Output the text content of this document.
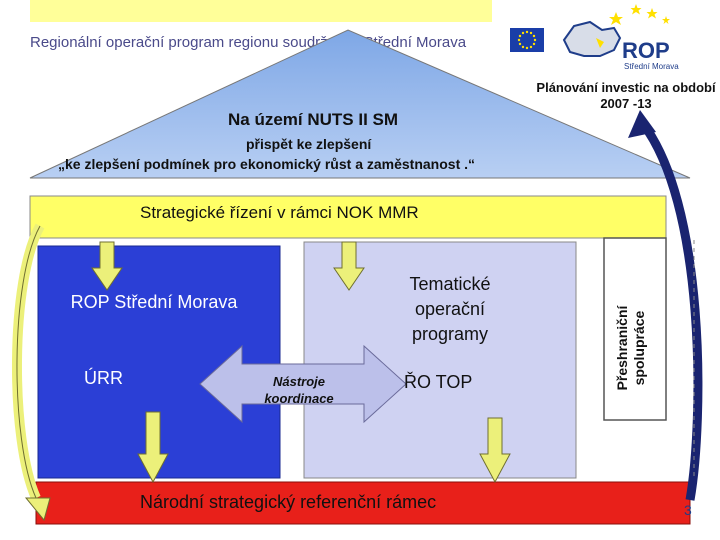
Regionální operační program regionu soudržnosti Střední Morava	ROP
Střední Morava
Na území NUTS II SM
Plánování investic na období 2007 -13
přispět ke zlepšení
„ke zlepšení podmínek pro ekonomický růst a zaměstnanost .“
Strategické řízení v rámci NOK MMR
ROP Střední Morava
ÚRR
Tematické operační programy
ŘO TOP
Nástroje koordinace
Národní strategický referenční rámec
Přeshraniční spolupráce
3
